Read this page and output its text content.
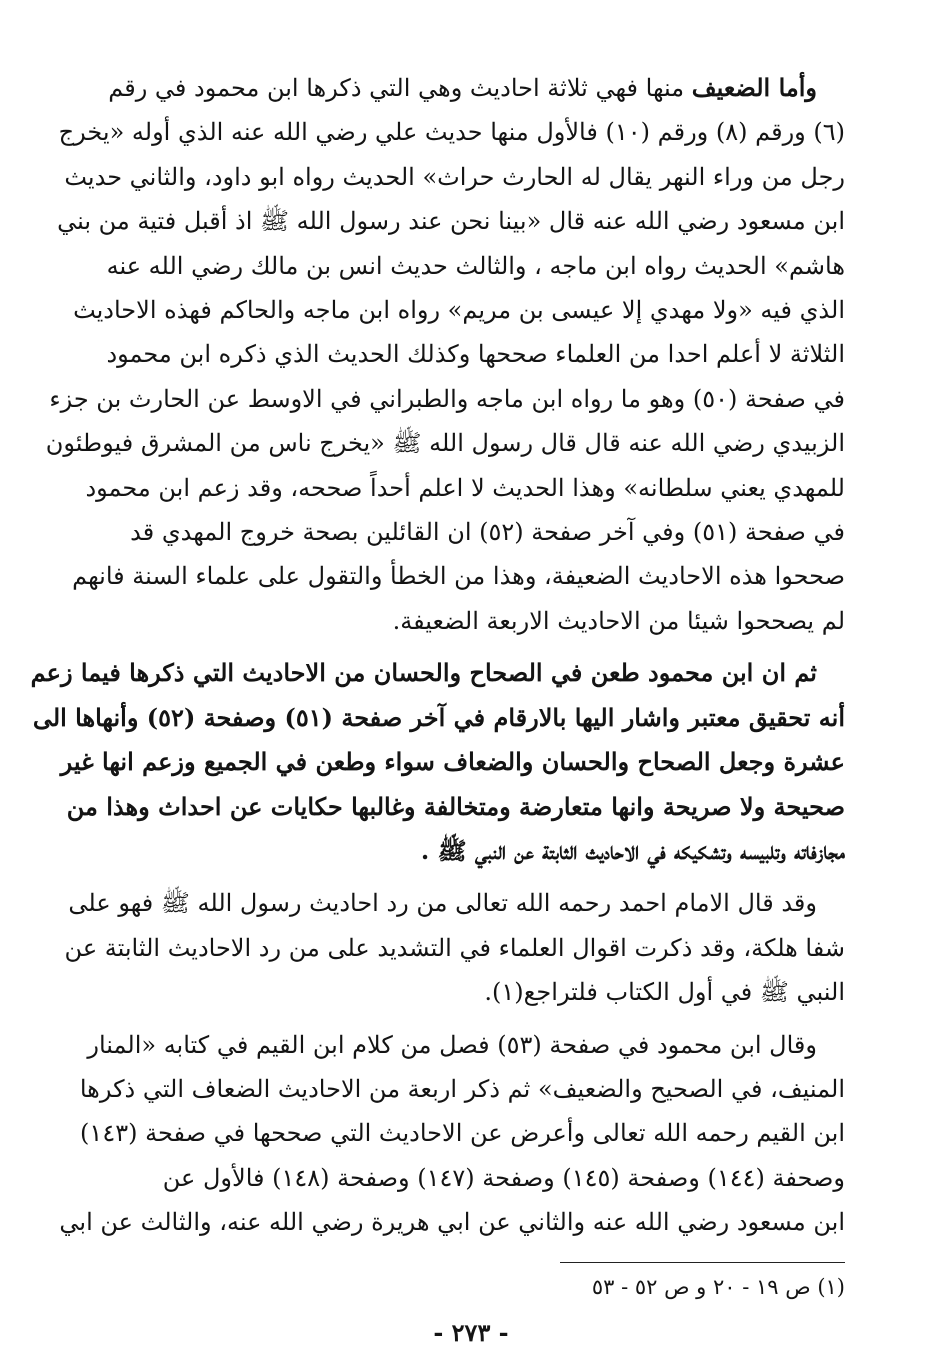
وأما الضعيف منها فهي ثلاثة احاديث وهي التي ذكرها ابن محمود في رقم
(٦) ورقم (٨) ورقم (١٠) فالأول منها حديث علي رضي الله عنه الذي أوله «يخرج
رجل من وراء النهر يقال له الحارث حراث» الحديث رواه ابو داود، والثاني حديث
ابن مسعود رضي الله عنه قال «بينا نحن عند رسول الله ﷺ اذ أقبل فتية من بني
هاشم» الحديث رواه ابن ماجه ، والثالث حديث انس بن مالك رضي الله عنه
الذي فيه «ولا مهدي إلا عيسى بن مريم» رواه ابن ماجه والحاكم فهذه الاحاديث
الثلاثة لا أعلم احدا من العلماء صححها وكذلك الحديث الذي ذكره ابن محمود
في صفحة (٥٠) وهو ما رواه ابن ماجه والطبراني في الاوسط عن الحارث بن جزء
الزبيدي رضي الله عنه قال قال رسول الله ﷺ «يخرج ناس من المشرق فيوطئون
للمهدي يعني سلطانه» وهذا الحديث لا اعلم أحداً صححه، وقد زعم ابن محمود
في صفحة (٥١) وفي آخر صفحة (٥٢) ان القائلين بصحة خروج المهدي قد
صححوا هذه الاحاديث الضعيفة، وهذا من الخطأ والتقول على علماء السنة فانهم
لم يصححوا شيئا من الاحاديث الاربعة الضعيفة.

ثم ان ابن محمود طعن في الصحاح والحسان من الاحاديث التي ذكرها فيما زعم
أنه تحقيق معتبر واشار اليها بالارقام في آخر صفحة (٥١) وصفحة (٥٢) وأنهاها الى
عشرة وجعل الصحاح والحسان والضعاف سواء وطعن في الجميع وزعم انها غير
صحيحة ولا صريحة وانها متعارضة ومتخالفة وغالبها حكايات عن احداث وهذا من
مجازفاته وتلبيسه وتشكيكه في الاحاديث الثابتة عن النبي ﷺ .

وقد قال الامام احمد رحمه الله تعالى من رد احاديث رسول الله ﷺ فهو على
شفا هلكة، وقد ذكرت اقوال العلماء في التشديد على من رد الاحاديث الثابتة عن
النبي ﷺ في أول الكتاب فلتراجع(١).

وقال ابن محمود في صفحة (٥٣) فصل من كلام ابن القيم في كتابه «المنار
المنيف، في الصحيح والضعيف» ثم ذكر اربعة من الاحاديث الضعاف التي ذكرها
ابن القيم رحمه الله تعالى وأعرض عن الاحاديث التي صححها في صفحة (١٤٣)
وصحفة (١٤٤) وصفحة (١٤٥) وصفحة (١٤٧) وصفحة (١٤٨) فالأول عن
ابن مسعود رضي الله عنه والثاني عن ابي هريرة رضي الله عنه، والثالث عن ابي

(١) ص ١٩ - ٢٠ و ص ٥٢ - ٥٣
- ٢٧٣ -
